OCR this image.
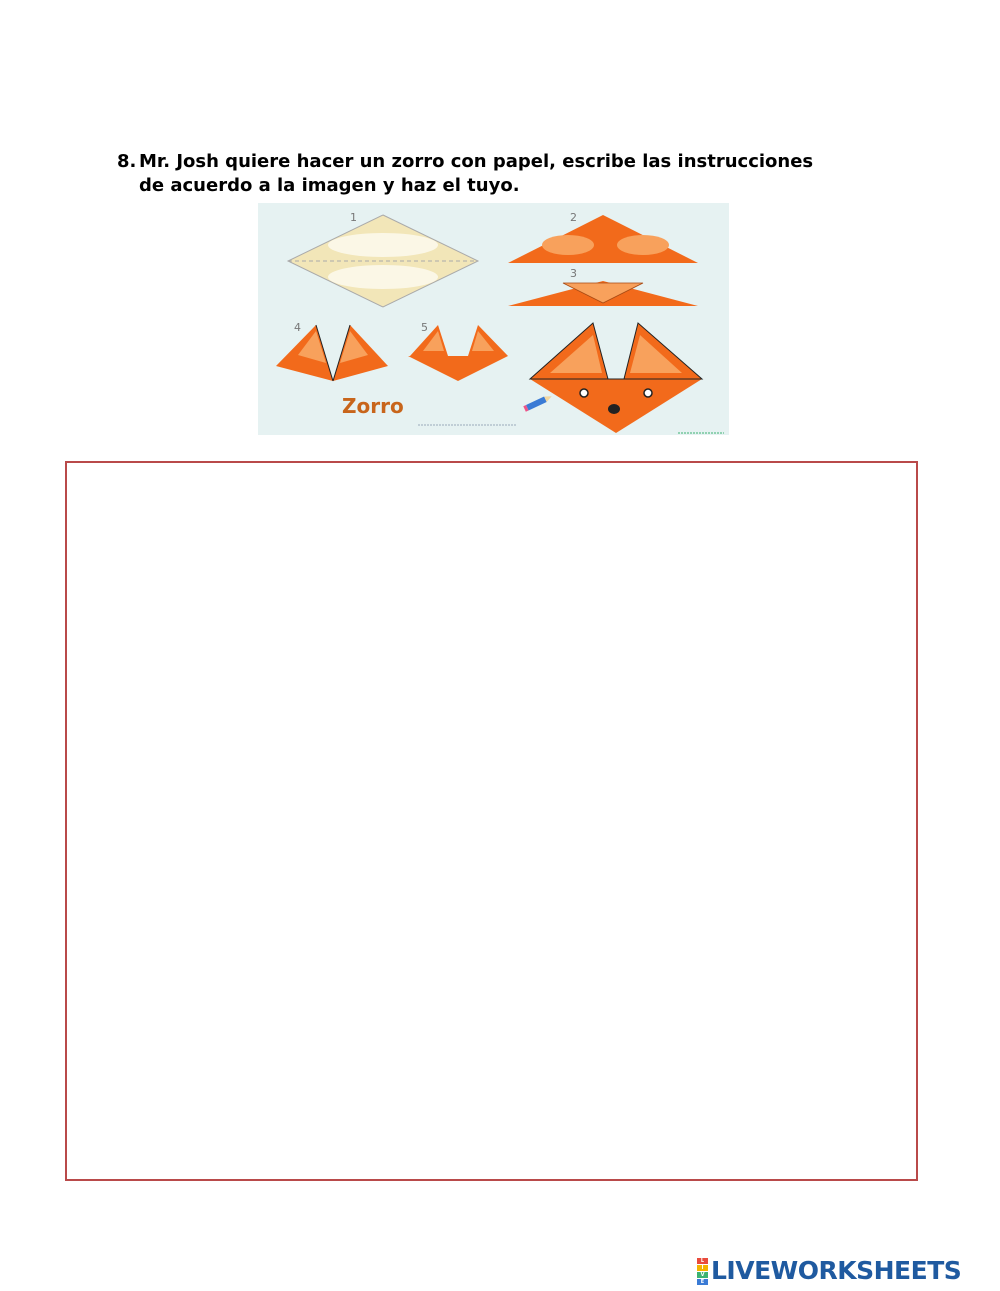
8. Mr. Josh quiere hacer un zorro con papel, escribe las instrucciones
de acuerdo a la imagen y haz el tuyo.
1	2
3
4	5
Zorro
L
I
V
E LIVEWORKSHEETS
